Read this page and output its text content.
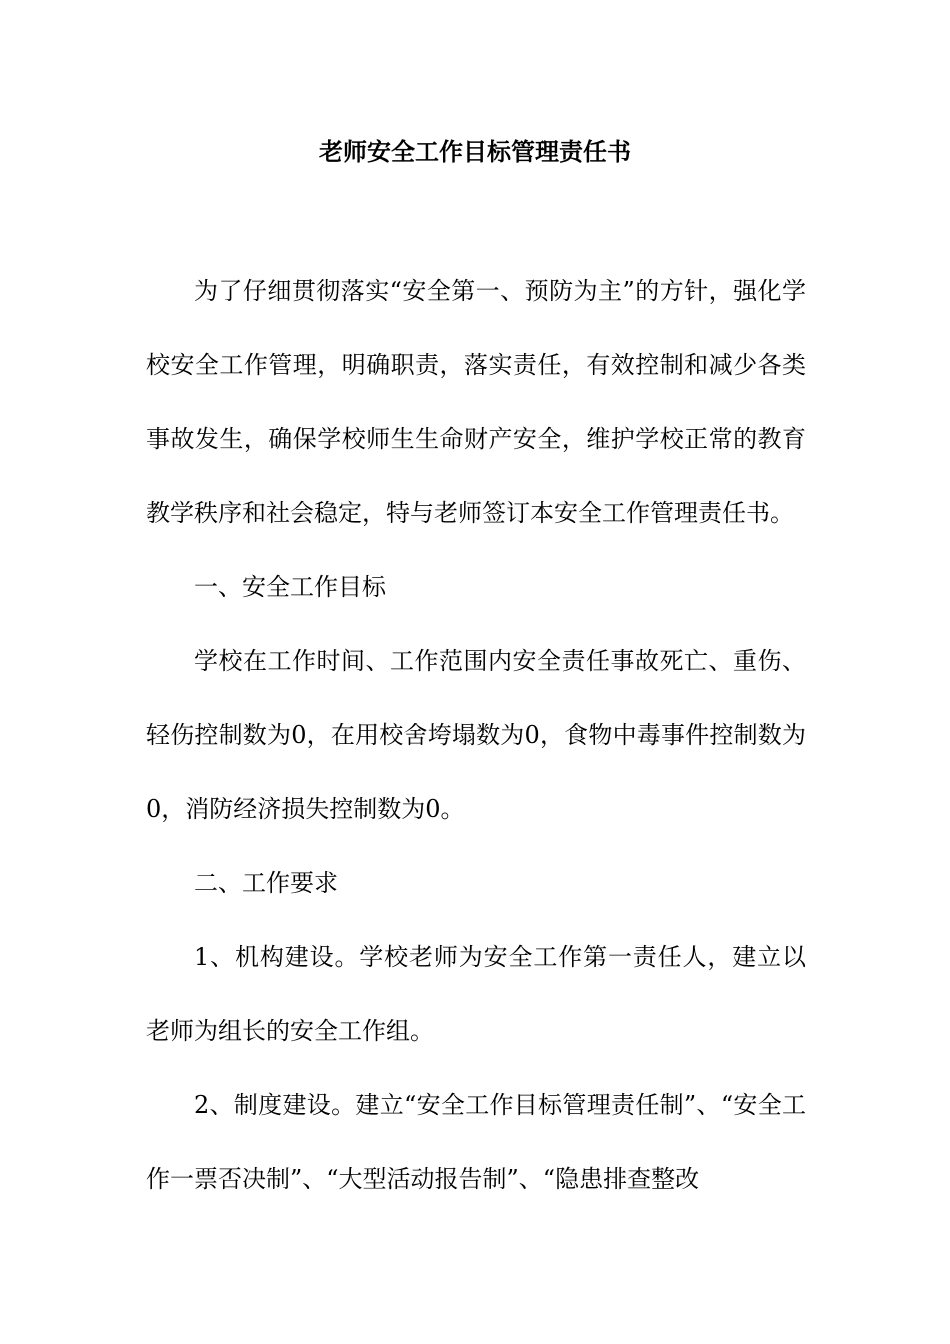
老师安全工作目标管理责任书

为了仔细贯彻落实“安全第一、预防为主”的方针，强化学校安全工作管理，明确职责，落实责任，有效控制和减少各类事故发生，确保学校师生生命财产安全，维护学校正常的教育教学秩序和社会稳定，特与老师签订本安全工作管理责任书。

一、安全工作目标

学校在工作时间、工作范围内安全责任事故死亡、重伤、轻伤控制数为0，在用校舍垮塌数为0，食物中毒事件控制数为0，消防经济损失控制数为0。

二、工作要求

1、机构建设。学校老师为安全工作第一责任人，建立以老师为组长的安全工作组。

2、制度建设。建立“安全工作目标管理责任制”、“安全工作一票否决制”、“大型活动报告制”、“隐患排查整改
